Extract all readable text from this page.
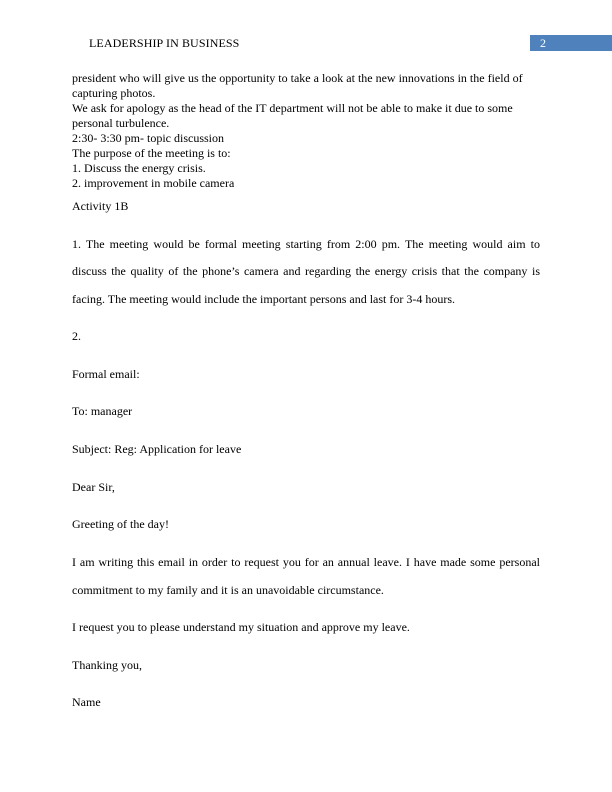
LEADERSHIP IN BUSINESS	2
president who will give us the opportunity to take a look at the new innovations in the field of
capturing photos.
We ask for apology as the head of the IT department will not be able to make it due to some
personal turbulence.
2:30- 3:30 pm- topic discussion
The purpose of the meeting is to:
1. Discuss the energy crisis.
2. improvement in mobile camera
Activity 1B
1. The meeting would be formal meeting starting from 2:00 pm. The meeting would aim to
discuss the quality of the phone’s camera and regarding the energy crisis that the company is
facing. The meeting would include the important persons and last for 3-4 hours.
2.
Formal email:
To: manager
Subject: Reg: Application for leave
Dear Sir,
Greeting of the day!
I am writing this email in order to request you for an annual leave. I have made some personal
commitment to my family and it is an unavoidable circumstance.
I request you to please understand my situation and approve my leave.
Thanking you,
Name
